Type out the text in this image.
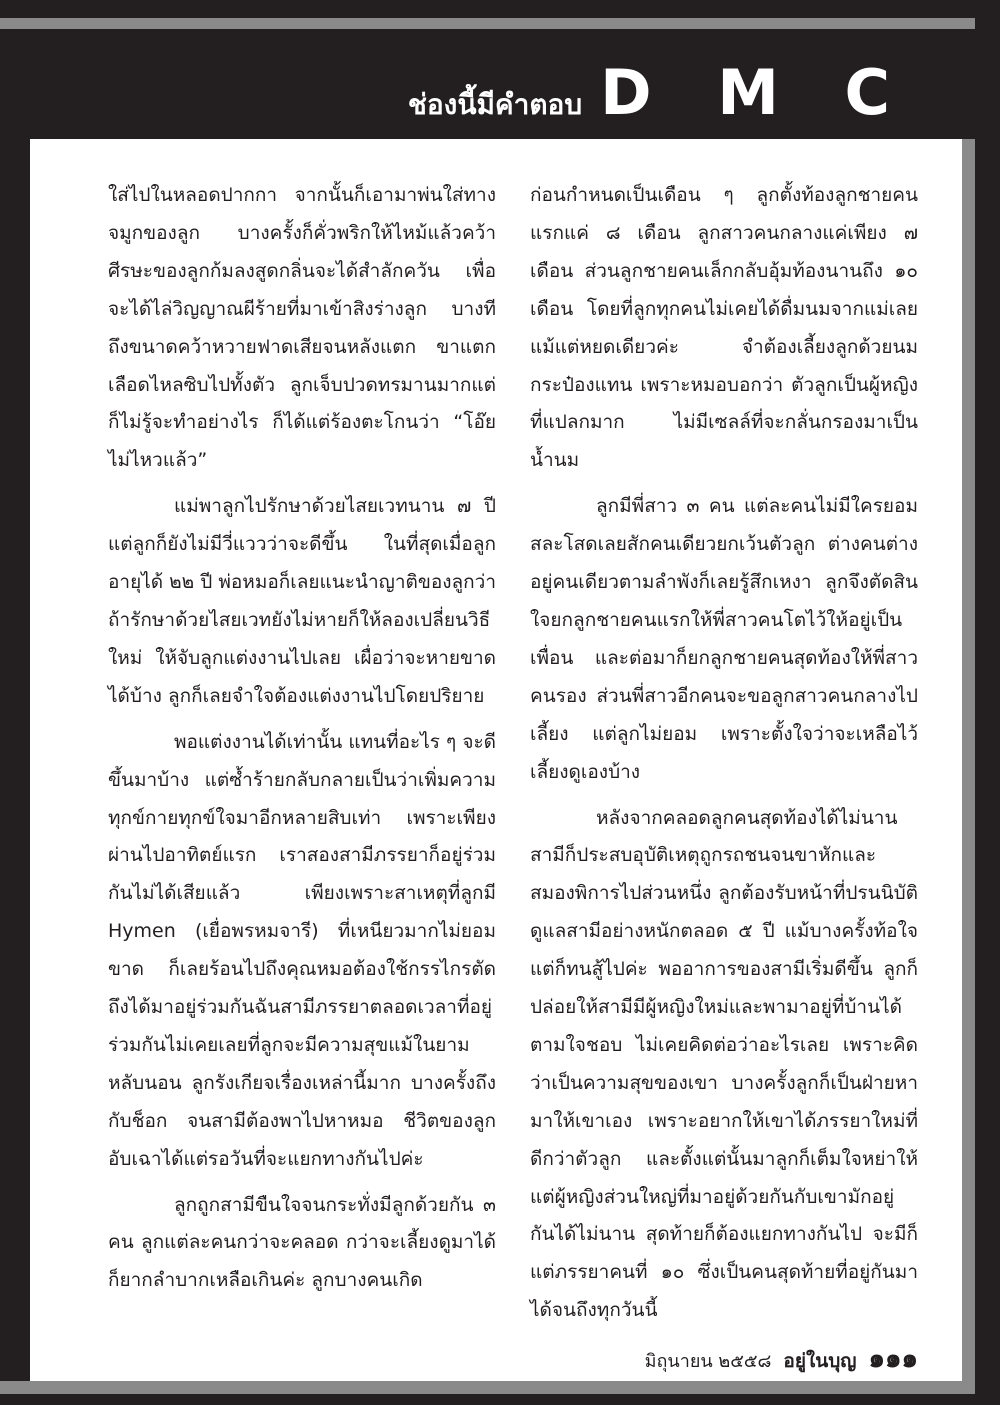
ช่องนี้มีคำตอบ D M C

ใส่ไปในหลอดปากกา จากนั้นก็เอามาพ่นใส่ทางจมูกของลูก บางครั้งก็คั่วพริกให้ไหม้แล้วคว้าศีรษะของลูกก้มลงสูดกลิ่นจะได้สำลักควัน เพื่อจะได้ไล่วิญญาณผีร้ายที่มาเข้าสิงร่างลูก บางทีถึงขนาดคว้าหวายฟาดเสียจนหลังแตก ขาแตกเลือดไหลซิบไปทั้งตัว ลูกเจ็บปวดทรมานมากแต่ก็ไม่รู้จะทำอย่างไร ก็ได้แต่ร้องตะโกนว่า “โอ๊ย ไม่ไหวแล้ว”

แม่พาลูกไปรักษาด้วยไสยเวทนาน ๗ ปี แต่ลูกก็ยังไม่มีวี่แววว่าจะดีขึ้น ในที่สุดเมื่อลูกอายุได้ ๒๒ ปี พ่อหมอก็เลยแนะนำญาติของลูกว่า ถ้ารักษาด้วยไสยเวทยังไม่หายก็ให้ลองเปลี่ยนวิธีใหม่ ให้จับลูกแต่งงานไปเลย เผื่อว่าจะหายขาดได้บ้าง ลูกก็เลยจำใจต้องแต่งงานไปโดยปริยาย

พอแต่งงานได้เท่านั้น แทนที่อะไร ๆ จะดีขึ้นมาบ้าง แต่ซ้ำร้ายกลับกลายเป็นว่าเพิ่มความทุกข์กายทุกข์ใจมาอีกหลายสิบเท่า เพราะเพียงผ่านไปอาทิตย์แรก เราสองสามีภรรยาก็อยู่ร่วมกันไม่ได้เสียแล้ว เพียงเพราะสาเหตุที่ลูกมี Hymen (เยื่อพรหมจารี) ที่เหนียวมากไม่ยอมขาด ก็เลยร้อนไปถึงคุณหมอต้องใช้กรรไกรตัด ถึงได้มาอยู่ร่วมกันฉันสามีภรรยาตลอดเวลาที่อยู่ร่วมกันไม่เคยเลยที่ลูกจะมีความสุขแม้ในยามหลับนอน ลูกรังเกียจเรื่องเหล่านี้มาก บางครั้งถึงกับช็อก จนสามีต้องพาไปหาหมอ ชีวิตของลูกอับเฉาได้แต่รอวันที่จะแยกทางกันไปค่ะ

ลูกถูกสามีขืนใจจนกระทั่งมีลูกด้วยกัน ๓ คน ลูกแต่ละคนกว่าจะคลอด กว่าจะเลี้ยงดูมาได้ ก็ยากลำบากเหลือเกินค่ะ ลูกบางคนเกิด

ก่อนกำหนดเป็นเดือน ๆ ลูกตั้งท้องลูกชายคนแรกแค่ ๘ เดือน ลูกสาวคนกลางแค่เพียง ๗ เดือน ส่วนลูกชายคนเล็กกลับอุ้มท้องนานถึง ๑๐ เดือน โดยที่ลูกทุกคนไม่เคยได้ดื่มนมจากแม่เลยแม้แต่หยดเดียวค่ะ จำต้องเลี้ยงลูกด้วยนมกระป๋องแทน เพราะหมอบอกว่า ตัวลูกเป็นผู้หญิงที่แปลกมาก ไม่มีเซลล์ที่จะกลั่นกรองมาเป็นน้ำนม

ลูกมีพี่สาว ๓ คน แต่ละคนไม่มีใครยอมสละโสดเลยสักคนเดียวยกเว้นตัวลูก ต่างคนต่างอยู่คนเดียวตามลำพังก็เลยรู้สึกเหงา ลูกจึงตัดสินใจยกลูกชายคนแรกให้พี่สาวคนโตไว้ให้อยู่เป็นเพื่อน และต่อมาก็ยกลูกชายคนสุดท้องให้พี่สาวคนรอง ส่วนพี่สาวอีกคนจะขอลูกสาวคนกลางไปเลี้ยง แต่ลูกไม่ยอม เพราะตั้งใจว่าจะเหลือไว้เลี้ยงดูเองบ้าง

หลังจากคลอดลูกคนสุดท้องได้ไม่นานสามีก็ประสบอุบัติเหตุถูกรถชนจนขาหักและสมองพิการไปส่วนหนึ่ง ลูกต้องรับหน้าที่ปรนนิบัติดูแลสามีอย่างหนักตลอด ๕ ปี แม้บางครั้งท้อใจแต่ก็ทนสู้ไปค่ะ พออาการของสามีเริ่มดีขึ้น ลูกก็ปล่อยให้สามีมีผู้หญิงใหม่และพามาอยู่ที่บ้านได้ตามใจชอบ ไม่เคยคิดต่อว่าอะไรเลย เพราะคิดว่าเป็นความสุขของเขา บางครั้งลูกก็เป็นฝ่ายหามาให้เขาเอง เพราะอยากให้เขาได้ภรรยาใหม่ที่ดีกว่าตัวลูก และตั้งแต่นั้นมาลูกก็เต็มใจหย่าให้ แต่ผู้หญิงส่วนใหญ่ที่มาอยู่ด้วยกันกับเขามักอยู่กันได้ไม่นาน สุดท้ายก็ต้องแยกทางกันไป จะมีก็แต่ภรรยาคนที่ ๑๐ ซึ่งเป็นคนสุดท้ายที่อยู่กันมาได้จนถึงทุกวันนี้

มิถุนายน ๒๕๕๘ อยู่ในบุญ ๑๑๑
